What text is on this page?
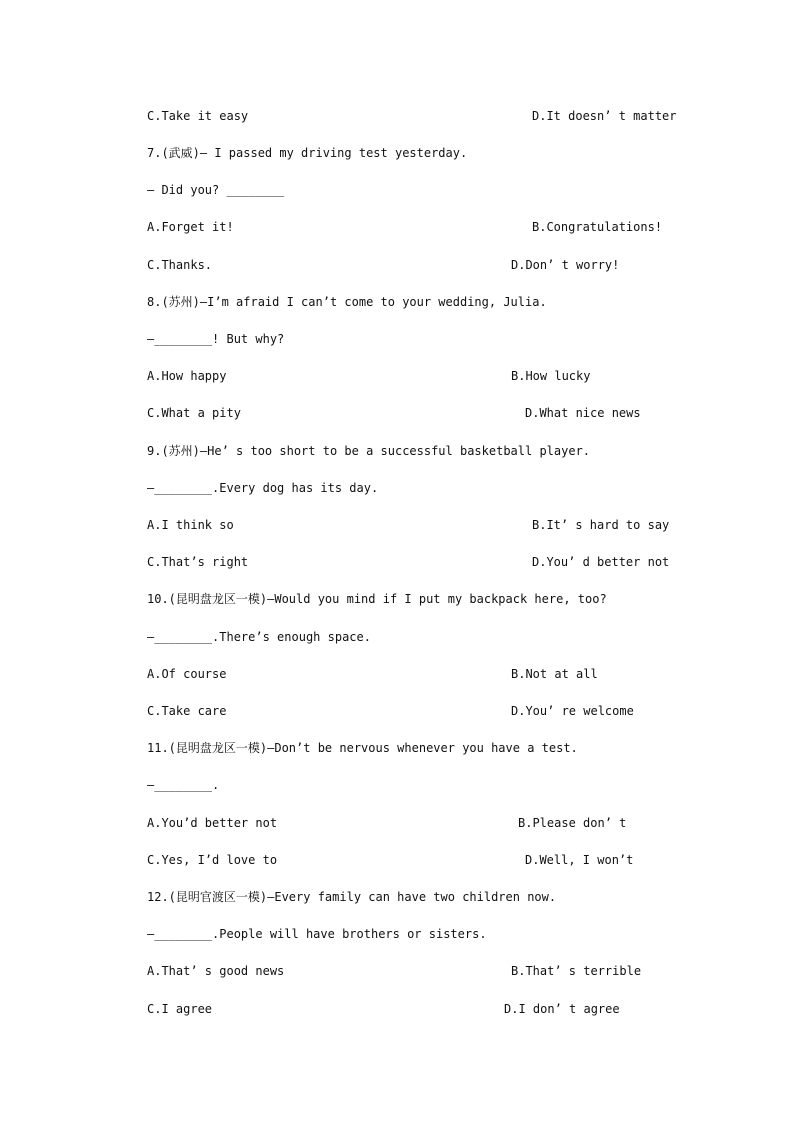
C.Take it easy	D.It doesn’ t matter
7.(武威)— I passed my driving test yesterday.
— Did you? ________
A.Forget it!	B.Congratulations!
C.Thanks.	D.Don’ t worry!
8.(苏州)—I’m afraid I can’t come to your wedding, Julia.
—________! But why?
A.How happy	B.How lucky
C.What a pity	D.What nice news
9.(苏州)—He’ s too short to be a successful basketball player.
—________.Every dog has its day.
A.I think so	B.It’ s hard to say
C.That’s right	D.You’ d better not
10.(昆明盘龙区一模)—Would you mind if I put my backpack here, too?
—________.There’s enough space.
A.Of course	B.Not at all
C.Take care	D.You’ re welcome
11.(昆明盘龙区一模)—Don’t be nervous whenever you have a test.
—________.
A.You’d better not	B.Please don’ t
C.Yes, I’d love to	D.Well, I won’t
12.(昆明官渡区一模)—Every family can have two children now.
—________.People will have brothers or sisters.
A.That’ s good news	B.That’ s terrible
C.I agree	D.I don’ t agree
